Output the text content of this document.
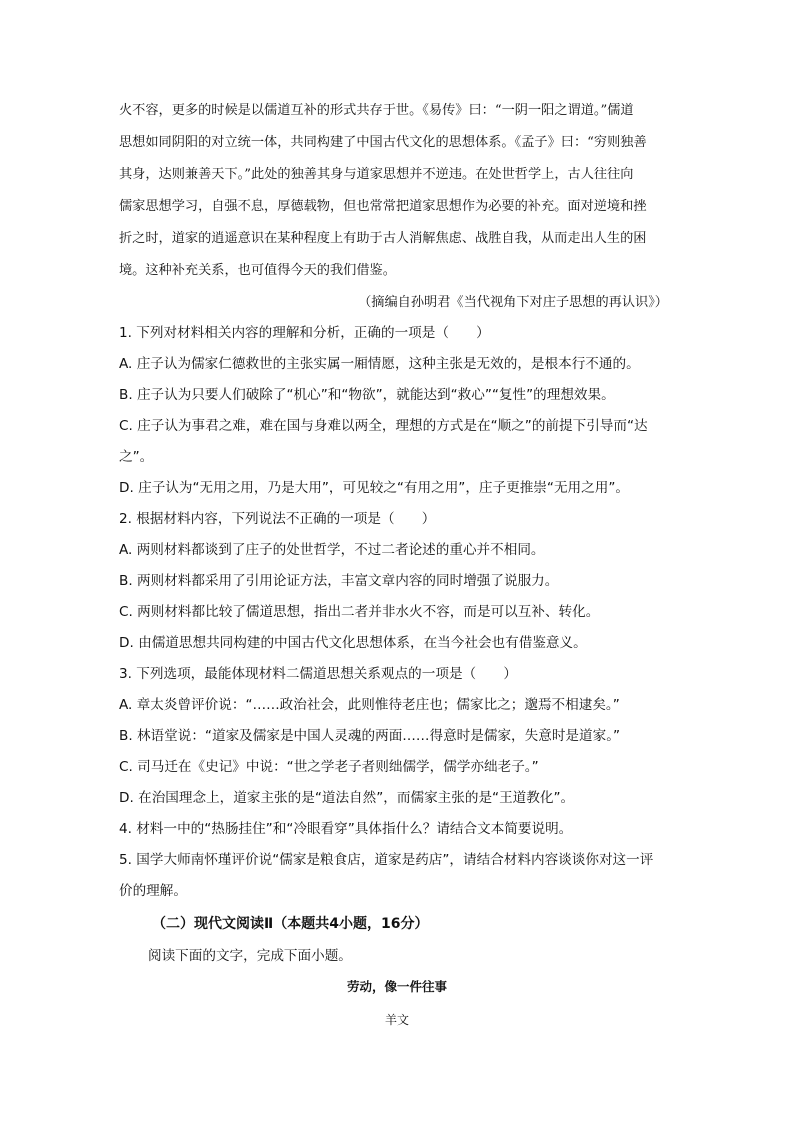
火不容，更多的时候是以儒道互补的形式共存于世。《易传》曰：“一阴一阳之谓道。”儒道
思想如同阴阳的对立统一体，共同构建了中国古代文化的思想体系。《孟子》曰：“穷则独善
其身，达则兼善天下。”此处的独善其身与道家思想并不逆违。在处世哲学上，古人往往向
儒家思想学习，自强不息，厚德载物，但也常常把道家思想作为必要的补充。面对逆境和挫
折之时，道家的逍遥意识在某种程度上有助于古人消解焦虑、战胜自我，从而走出人生的困
境。这种补充关系，也可值得今天的我们借鉴。
（摘编自孙明君《当代视角下对庄子思想的再认识》）
1. 下列对材料相关内容的理解和分析，正确的一项是（　　）
A. 庄子认为儒家仁德救世的主张实属一厢情愿，这种主张是无效的，是根本行不通的。
B. 庄子认为只要人们破除了“机心”和“物欲”，就能达到“救心”“复性”的理想效果。
C. 庄子认为事君之难，难在国与身难以两全，理想的方式是在“顺之”的前提下引导而“达
之”。
D. 庄子认为“无用之用，乃是大用”，可见较之“有用之用”，庄子更推崇“无用之用”。
2. 根据材料内容，下列说法不正确的一项是（　　）
A. 两则材料都谈到了庄子的处世哲学，不过二者论述的重心并不相同。
B. 两则材料都采用了引用论证方法，丰富文章内容的同时增强了说服力。
C. 两则材料都比较了儒道思想，指出二者并非水火不容，而是可以互补、转化。
D. 由儒道思想共同构建的中国古代文化思想体系，在当今社会也有借鉴意义。
3. 下列选项，最能体现材料二儒道思想关系观点的一项是（　　）
A. 章太炎曾评价说：“……政治社会，此则惟待老庄也；儒家比之；邈焉不相逮矣。”
B. 林语堂说：“道家及儒家是中国人灵魂的两面……得意时是儒家，失意时是道家。”
C. 司马迁在《史记》中说：“世之学老子者则绌儒学，儒学亦绌老子。”
D. 在治国理念上，道家主张的是“道法自然”，而儒家主张的是“王道教化”。
4. 材料一中的“热肠挂住”和“冷眼看穿”具体指什么？请结合文本简要说明。
5. 国学大师南怀瑾评价说“儒家是粮食店，道家是药店”，请结合材料内容谈谈你对这一评
价的理解。
（二）现代文阅读Ⅱ（本题共4小题，16分）
阅读下面的文字，完成下面小题。
劳动，像一件往事
羊文
